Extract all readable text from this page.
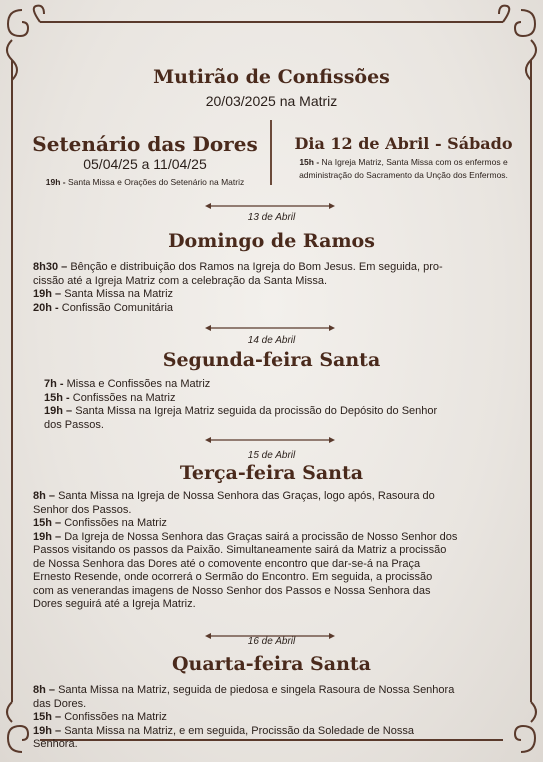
Mutirão de Confissões
20/03/2025 na Matriz
Setenário das Dores
05/04/25 a 11/04/25
19h - Santa Missa e Orações do Setenário na Matriz
Dia 12 de Abril - Sábado
15h - Na Igreja Matriz, Santa Missa com os enfermos e
administração do Sacramento da Unção dos Enfermos.
13 de Abril
Domingo de Ramos
8h30 – Bênção e distribuição dos Ramos na Igreja do Bom Jesus. Em seguida, pro-
cissão até a Igreja Matriz com a celebração da Santa Missa.
19h – Santa Missa na Matriz
20h - Confissão Comunitária
14 de Abril
Segunda-feira Santa
7h - Missa e Confissões na Matriz
15h - Confissões na Matriz
19h – Santa Missa na Igreja Matriz seguida da procissão do Depósito do Senhor
dos Passos.
15 de Abril
Terça-feira Santa
8h – Santa Missa na Igreja de Nossa Senhora das Graças, logo após, Rasoura do
Senhor dos Passos.
15h – Confissões na Matriz
19h – Da Igreja de Nossa Senhora das Graças sairá a procissão de Nosso Senhor dos
Passos visitando os passos da Paixão. Simultaneamente sairá da Matriz a procissão
de Nossa Senhora das Dores até o comovente encontro que dar-se-á na Praça
Ernesto Resende, onde ocorrerá o Sermão do Encontro. Em seguida, a procissão
com as venerandas imagens de Nosso Senhor dos Passos e Nossa Senhora das
Dores seguirá até a Igreja Matriz.
16 de Abril
Quarta-feira Santa
8h – Santa Missa na Matriz, seguida de piedosa e singela Rasoura de Nossa Senhora
das Dores.
15h – Confissões na Matriz
19h – Santa Missa na Matriz, e em seguida, Procissão da Soledade de Nossa
Senhora.
